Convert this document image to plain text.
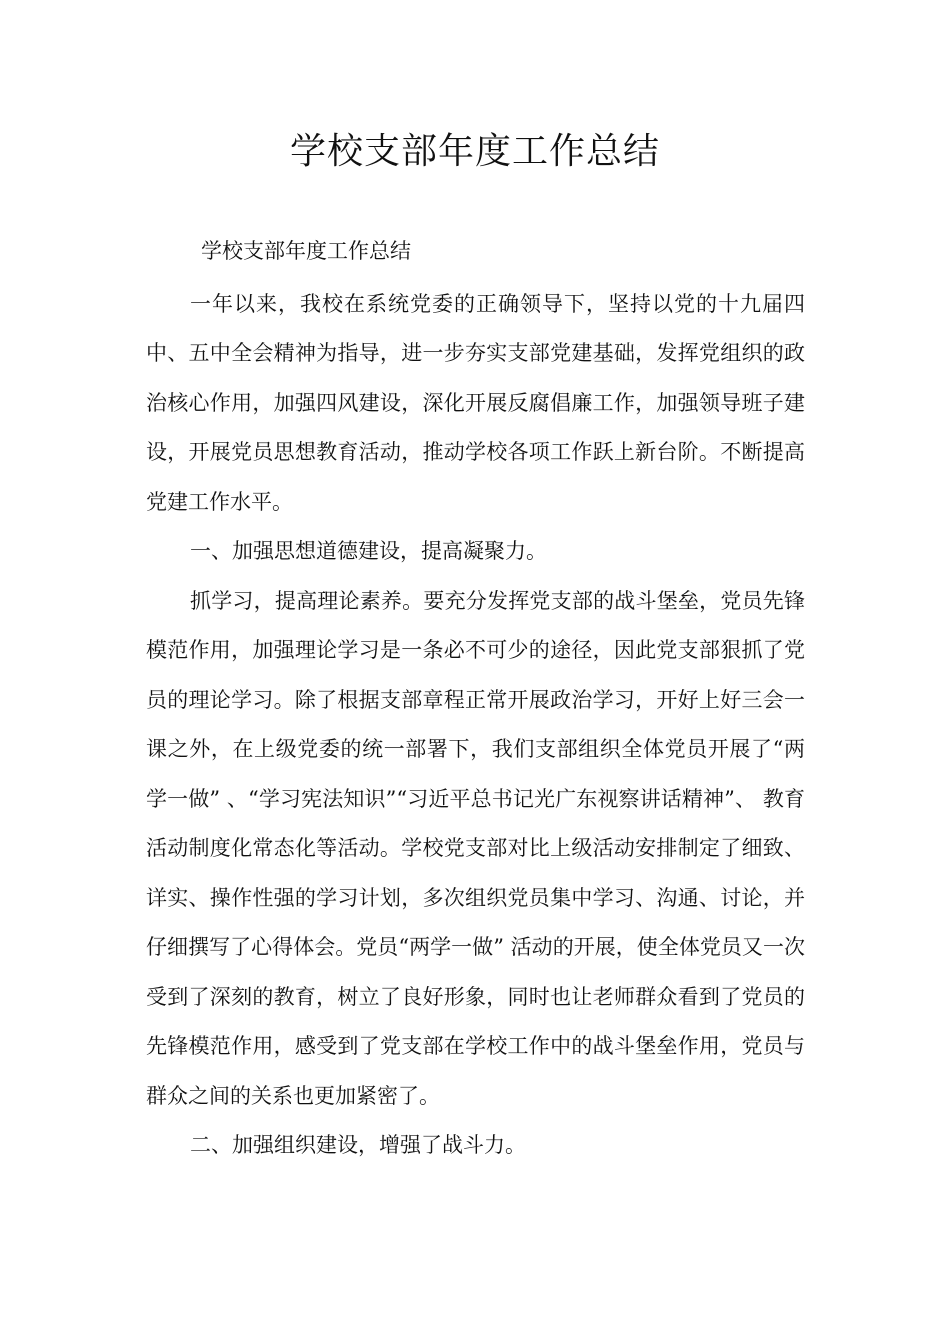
学校支部年度工作总结

学校支部年度工作总结

一年以来，我校在系统党委的正确领导下，坚持以党的十九届四中、五中全会精神为指导，进一步夯实支部党建基础，发挥党组织的政治核心作用，加强四风建设，深化开展反腐倡廉工作，加强领导班子建设，开展党员思想教育活动，推动学校各项工作跃上新台阶。不断提高党建工作水平。

一、加强思想道德建设，提高凝聚力。

抓学习，提高理论素养。要充分发挥党支部的战斗堡垒，党员先锋模范作用，加强理论学习是一条必不可少的途径，因此党支部狠抓了党员的理论学习。除了根据支部章程正常开展政治学习，开好上好三会一课之外，在上级党委的统一部署下，我们支部组织全体党员开展了“两学一做” 、“学习宪法知识”“习近平总书记光广东视察讲话精神”、 教育活动制度化常态化等活动。学校党支部对比上级活动安排制定了细致、详实、操作性强的学习计划，多次组织党员集中学习、沟通、讨论，并仔细撰写了心得体会。党员“两学一做” 活动的开展，使全体党员又一次受到了深刻的教育，树立了良好形象，同时也让老师群众看到了党员的先锋模范作用，感受到了党支部在学校工作中的战斗堡垒作用，党员与群众之间的关系也更加紧密了。

二、加强组织建设，增强了战斗力。
